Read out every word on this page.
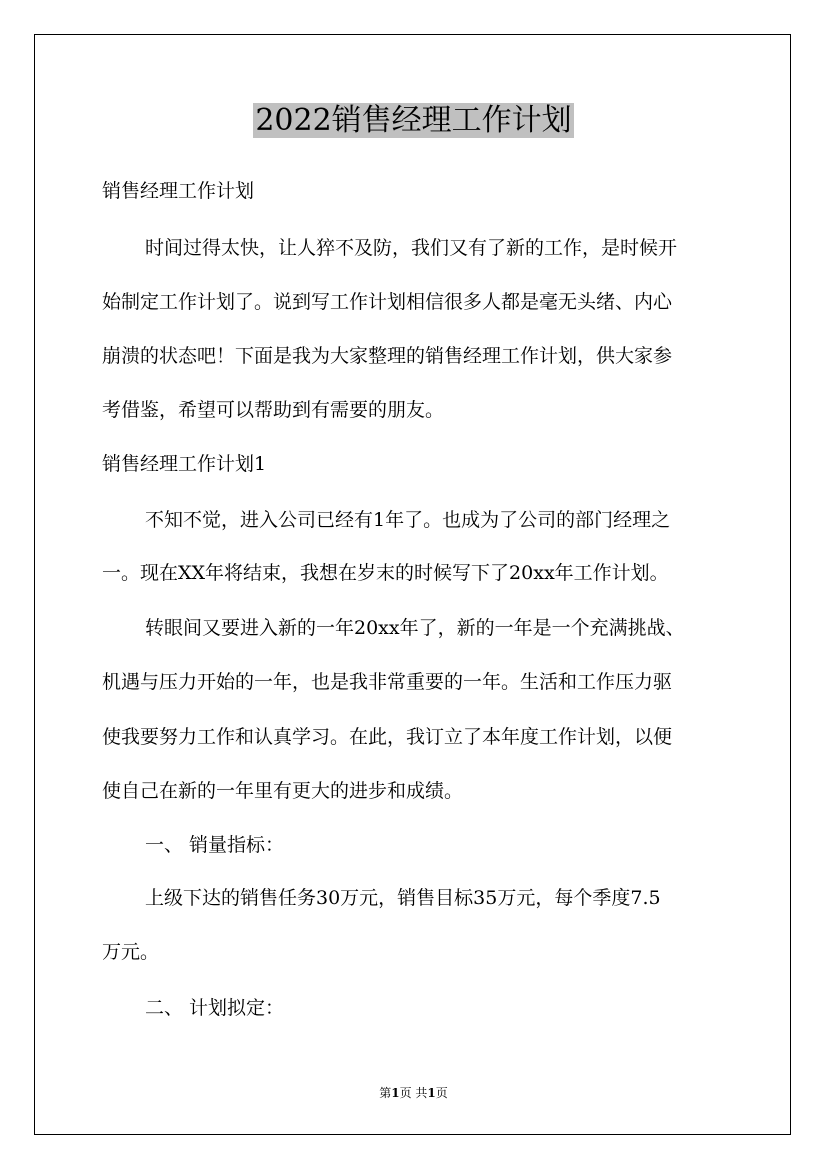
2022销售经理工作计划

销售经理工作计划

时间过得太快，让人猝不及防，我们又有了新的工作，是时候开

始制定工作计划了。说到写工作计划相信很多人都是毫无头绪、内心

崩溃的状态吧！下面是我为大家整理的销售经理工作计划，供大家参

考借鉴，希望可以帮助到有需要的朋友。

销售经理工作计划1

不知不觉，进入公司已经有1年了。也成为了公司的部门经理之

一。现在XX年将结束，我想在岁末的时候写下了20xx年工作计划。

转眼间又要进入新的一年20xx年了，新的一年是一个充满挑战、

机遇与压力开始的一年，也是我非常重要的一年。生活和工作压力驱

使我要努力工作和认真学习。在此，我订立了本年度工作计划，以便

使自己在新的一年里有更大的进步和成绩。

一、 销量指标：

上级下达的销售任务30万元，销售目标35万元，每个季度7.5

万元。

二、 计划拟定：

第1页 共1页
